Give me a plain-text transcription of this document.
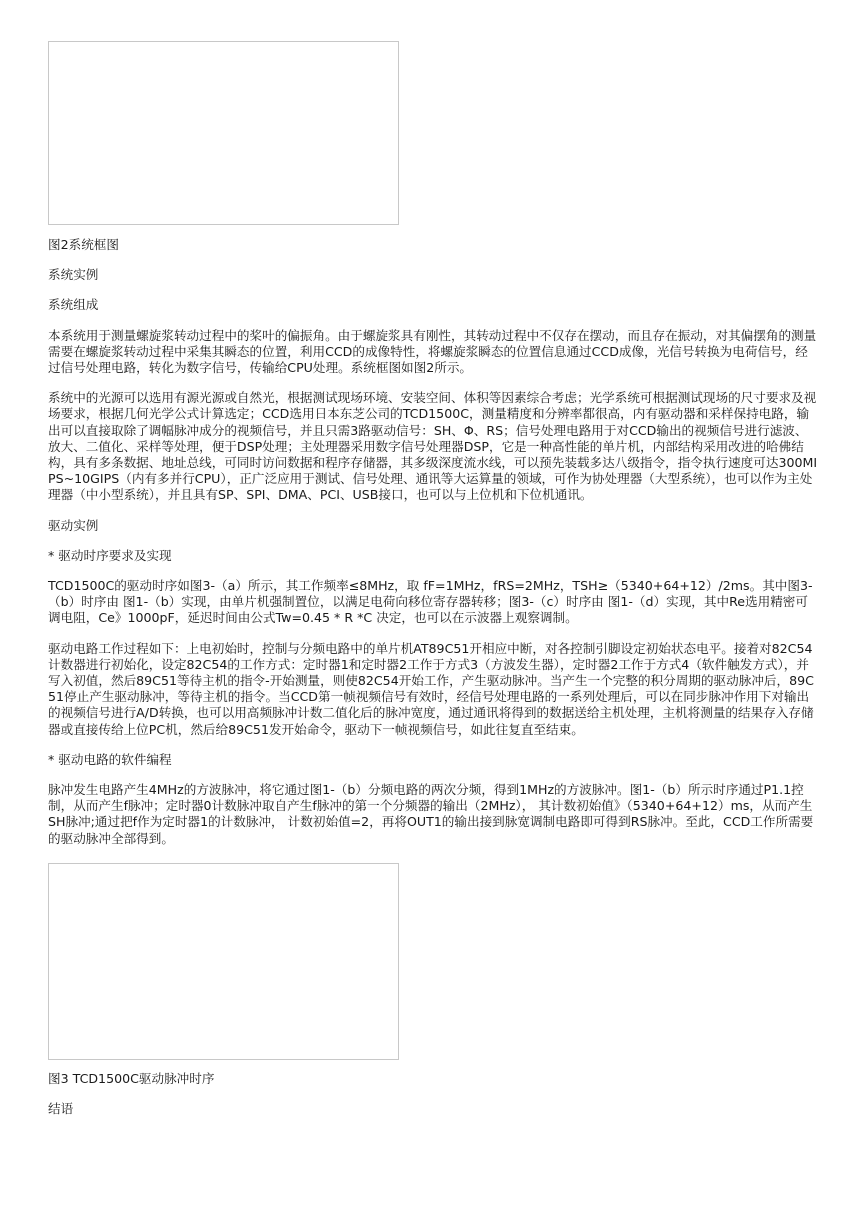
图2系统框图

系统实例

系统组成

本系统用于测量螺旋浆转动过程中的桨叶的偏振角。由于螺旋浆具有刚性，其转动过程中不仅存在摆动，而且存在振动，对其偏摆角的测量需要在螺旋浆转动过程中采集其瞬态的位置，利用CCD的成像特性，将螺旋浆瞬态的位置信息通过CCD成像，光信号转换为电荷信号，经过信号处理电路，转化为数字信号，传输给CPU处理。系统框图如图2所示。

系统中的光源可以选用有源光源或自然光，根据测试现场环境、安装空间、体积等因素综合考虑；光学系统可根据测试现场的尺寸要求及视场要求，根据几何光学公式计算选定；CCD选用日本东芝公司的TCD1500C，测量精度和分辨率都很高，内有驱动器和采样保持电路，输出可以直接取除了调幅脉冲成分的视频信号，并且只需3路驱动信号：SH、Φ、RS；信号处理电路用于对CCD输出的视频信号进行滤波、放大、二值化、采样等处理，便于DSP处理；主处理器采用数字信号处理器DSP，它是一种高性能的单片机，内部结构采用改进的哈佛结构，具有多条数据、地址总线，可同时访问数据和程序存储器，其多级深度流水线，可以预先装载多达八级指令，指令执行速度可达300MIPS~10GIPS（内有多并行CPU），正广泛应用于测试、信号处理、通讯等大运算量的领域，可作为协处理器（大型系统），也可以作为主处理器（中小型系统），并且具有SP、SPI、DMA、PCI、USB接口，也可以与上位机和下位机通讯。

驱动实例

* 驱动时序要求及实现

TCD1500C的驱动时序如图3-（a）所示，其工作频率≤8MHz，取 fF=1MHz，fRS=2MHz，TSH≥（5340+64+12）/2ms。其中图3-（b）时序由 图1-（b）实现，由单片机强制置位，以满足电荷向移位寄存器转移；图3-（c）时序由 图1-（d）实现，其中Re选用精密可调电阻，Ce》1000pF，延迟时间由公式Tw=0.45 * R *C 决定，也可以在示波器上观察调制。

驱动电路工作过程如下：上电初始时，控制与分频电路中的单片机AT89C51开相应中断，对各控制引脚设定初始状态电平。接着对82C54计数器进行初始化，设定82C54的工作方式：定时器1和定时器2工作于方式3（方波发生器），定时器2工作于方式4（软件触发方式），并写入初值，然后89C51等待主机的指令-开始测量，则使82C54开始工作，产生驱动脉冲。当产生一个完整的积分周期的驱动脉冲后，89C51停止产生驱动脉冲，等待主机的指令。当CCD第一帧视频信号有效时，经信号处理电路的一系列处理后，可以在同步脉冲作用下对输出的视频信号进行A/D转换，也可以用高频脉冲计数二值化后的脉冲宽度，通过通讯将得到的数据送给主机处理，主机将测量的结果存入存储器或直接传给上位PC机，然后给89C51发开始命令，驱动下一帧视频信号，如此往复直至结束。

* 驱动电路的软件编程

脉冲发生电路产生4MHz的方波脉冲，将它通过图1-（b）分频电路的两次分频，得到1MHz的方波脉冲。图1-（b）所示时序通过P1.1控制，从而产生f脉冲；定时器0计数脉冲取自产生f脉冲的第一个分频器的输出（2MHz）， 其计数初始值》（5340+64+12）ms，从而产生SH脉冲;通过把f作为定时器1的计数脉冲， 计数初始值=2，再将OUT1的输出接到脉宽调制电路即可得到RS脉冲。至此，CCD工作所需要的驱动脉冲全部得到。

图3 TCD1500C驱动脉冲时序

结语
